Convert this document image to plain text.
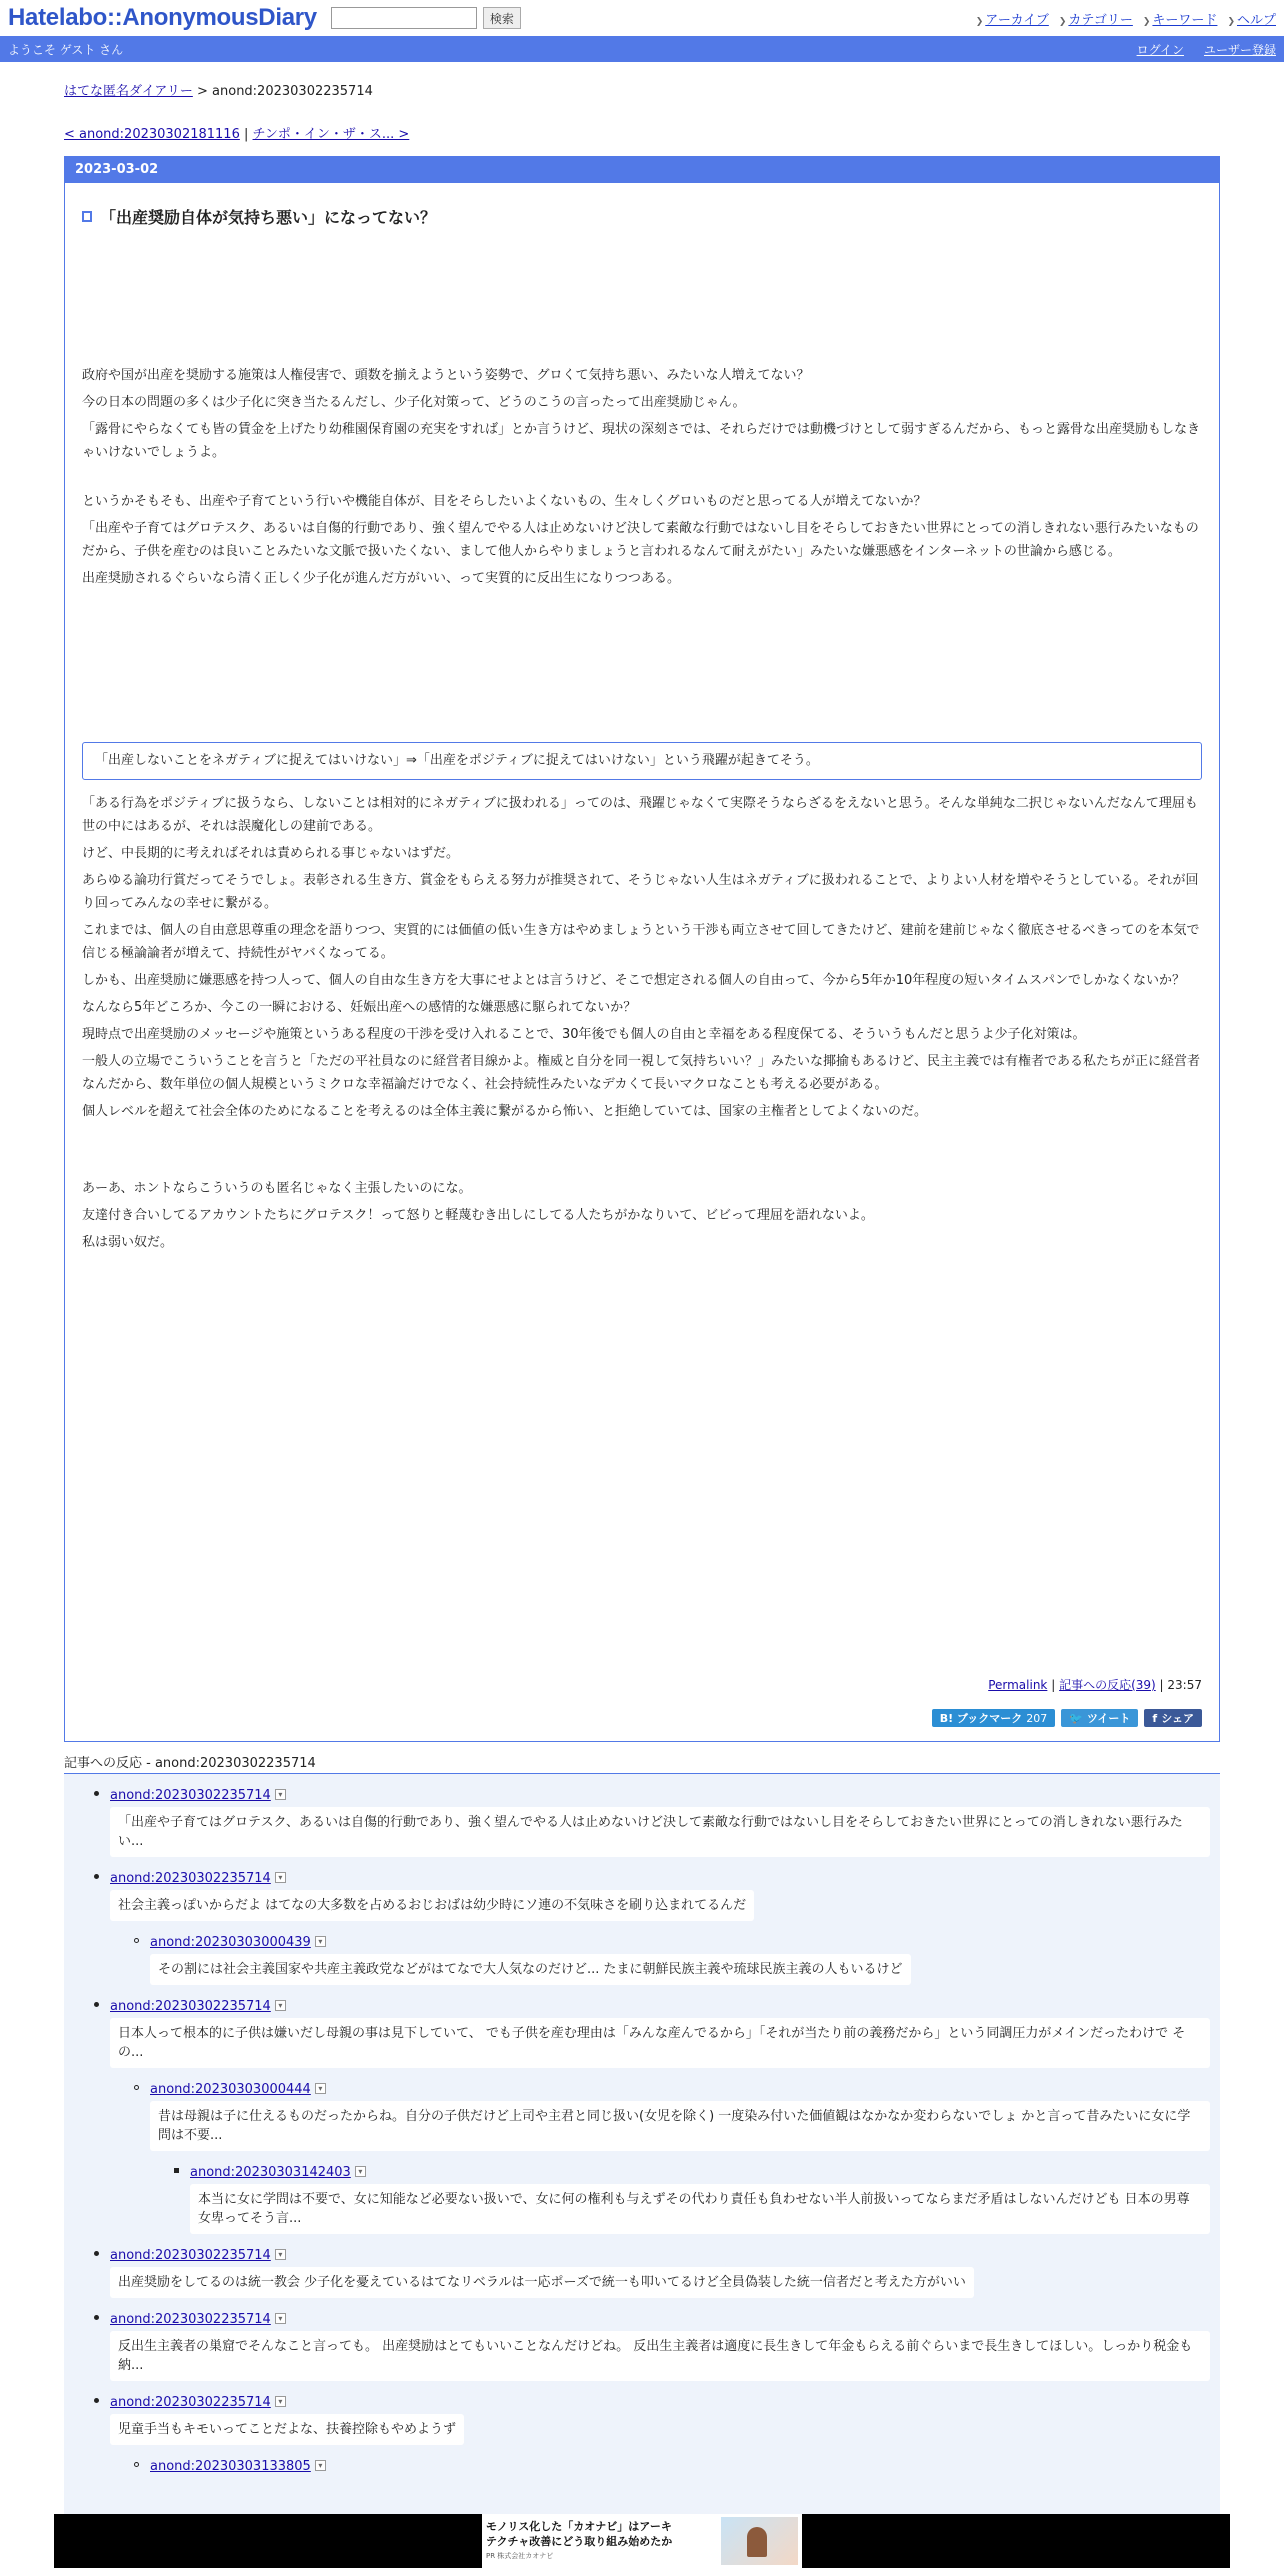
Hatelabo::AnonymousDiary	検索	❯ アーカイブ ❯ カテゴリー ❯ キーワード ❯ ヘルプ
ようこそ ゲスト さん	ログイン ユーザー登録
はてな匿名ダイアリー > anond:20230302235714
< anond:20230302181116 | チンポ・イン・ザ・ス... >
2023-03-02
「出産奨励自体が気持ち悪い」になってない？

政府や国が出産を奨励する施策は人権侵害で、頭数を揃えようという姿勢で、グロくて気持ち悪い、みたいな人増えてない？

今の日本の問題の多くは少子化に突き当たるんだし、少子化対策って、どうのこうの言ったって出産奨励じゃん。

「露骨にやらなくても皆の賃金を上げたり幼稚園保育園の充実をすれば」とか言うけど、現状の深刻さでは、それらだけでは動機づけとして弱すぎるんだから、もっと露骨な出産奨励もしなきゃいけないでしょうよ。

というかそもそも、出産や子育てという行いや機能自体が、目をそらしたいよくないもの、生々しくグロいものだと思ってる人が増えてないか？

「出産や子育てはグロテスク、あるいは自傷的行動であり、強く望んでやる人は止めないけど決して素敵な行動ではないし目をそらしておきたい世界にとっての消しきれない悪行みたいなものだから、子供を産むのは良いことみたいな文脈で扱いたくない、まして他人からやりましょうと言われるなんて耐えがたい」みたいな嫌悪感をインターネットの世論から感じる。

出産奨励されるぐらいなら清く正しく少子化が進んだ方がいい、って実質的に反出生になりつつある。

「出産しないことをネガティブに捉えてはいけない」⇒「出産をポジティブに捉えてはいけない」という飛躍が起きてそう。

「ある行為をポジティブに扱うなら、しないことは相対的にネガティブに扱われる」ってのは、飛躍じゃなくて実際そうならざるをえないと思う。そんな単純な二択じゃないんだなんて理屈も世の中にはあるが、それは誤魔化しの建前である。

けど、中長期的に考えればそれは責められる事じゃないはずだ。

あらゆる論功行賞だってそうでしょ。表彰される生き方、賞金をもらえる努力が推奨されて、そうじゃない人生はネガティブに扱われることで、よりよい人材を増やそうとしている。それが回り回ってみんなの幸せに繋がる。

これまでは、個人の自由意思尊重の理念を語りつつ、実質的には価値の低い生き方はやめましょうという干渉も両立させて回してきたけど、建前を建前じゃなく徹底させるべきってのを本気で信じる極論論者が増えて、持続性がヤバくなってる。

しかも、出産奨励に嫌悪感を持つ人って、個人の自由な生き方を大事にせよとは言うけど、そこで想定される個人の自由って、今から5年か10年程度の短いタイムスパンでしかなくないか？

なんなら5年どころか、今この一瞬における、妊娠出産への感情的な嫌悪感に駆られてないか？

現時点で出産奨励のメッセージや施策というある程度の干渉を受け入れることで、30年後でも個人の自由と幸福をある程度保てる、そういうもんだと思うよ少子化対策は。

一般人の立場でこういうことを言うと「ただの平社員なのに経営者目線かよ。権威と自分を同一視して気持ちいい？」みたいな揶揄もあるけど、民主主義では有権者である私たちが正に経営者なんだから、数年単位の個人規模というミクロな幸福論だけでなく、社会持続性みたいなデカくて長いマクロなことも考える必要がある。

個人レベルを超えて社会全体のためになることを考えるのは全体主義に繋がるから怖い、と拒絶していては、国家の主権者としてよくないのだ。

あーあ、ホントならこういうのも匿名じゃなく主張したいのにな。

友達付き合いしてるアカウントたちにグロテスク！って怒りと軽蔑むき出しにしてる人たちがかなりいて、ビビって理屈を語れないよ。

私は弱い奴だ。

Permalink | 記事への反応(39) | 23:57
B! ブックマーク 207 🐦 ツイート f シェア
記事への反応 - anond:20230302235714
anond:20230302235714 ▾
「出産や子育てはグロテスク、あるいは自傷的行動であり、強く望んでやる人は止めないけど決して素敵な行動ではないし目をそらしておきたい世界にとっての消しきれない悪行みたい...
anond:20230302235714 ▾
社会主義っぽいからだよ はてなの大多数を占めるおじおばは幼少時にソ連の不気味さを刷り込まれてるんだ
anond:20230303000439 ▾
その割には社会主義国家や共産主義政党などがはてなで大人気なのだけど... たまに朝鮮民族主義や琉球民族主義の人もいるけど
anond:20230302235714 ▾
日本人って根本的に子供は嫌いだし母親の事は見下していて、 でも子供を産む理由は「みんな産んでるから」「それが当たり前の義務だから」という同調圧力がメインだったわけで その...
anond:20230303000444 ▾
昔は母親は子に仕えるものだったからね。自分の子供だけど上司や主君と同じ扱い(女児を除く) 一度染み付いた価値観はなかなか変わらないでしょ かと言って昔みたいに女に学問は不要...
anond:20230303142403 ▾
本当に女に学問は不要で、女に知能など必要ない扱いで、女に何の権利も与えずその代わり責任も負わせない半人前扱いってならまだ矛盾はしないんだけども 日本の男尊女卑ってそう言...
anond:20230302235714 ▾
出産奨励をしてるのは統一教会 少子化を憂えているはてなリベラルは一応ポーズで統一も叩いてるけど全員偽装した統一信者だと考えた方がいい
anond:20230302235714 ▾
反出生主義者の巣窟でそんなこと言っても。 出産奨励はとてもいいことなんだけどね。 反出生主義者は適度に長生きして年金もらえる前ぐらいまで長生きしてほしい。しっかり税金も納...
anond:20230302235714 ▾
児童手当もキモいってことだよな、扶養控除もやめようず
anond:20230303133805 ▾
モノリス化した「カオナビ」はアーキ
テクチャ改善にどう取り組み始めたか
PR 株式会社カオナビ
